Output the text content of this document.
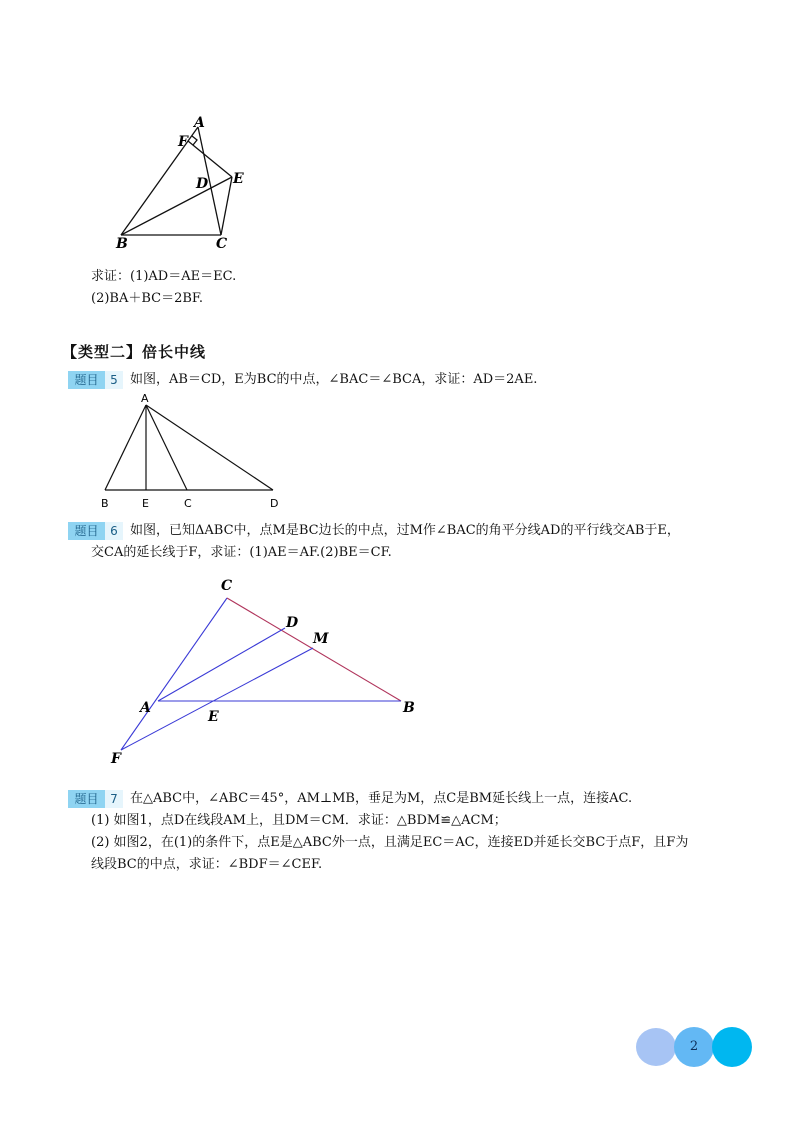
A
F
D E
B	C
求证：(1)AD＝AE＝EC.
(2)BA＋BC＝2BF.
【类型二】倍长中线
题目 5 如图，AB＝CD，E为BC的中点，∠BAC＝∠BCA，求证：AD＝2AE.
A
B	E	C	D
题目 6 如图，已知ΔABC中，点M是BC边长的中点，过M作∠BAC的角平分线AD的平行线交AB于E，
交CA的延长线于F，求证：(1)AE＝AF.(2)BE＝CF.
C
D
M
A
E
B
F
题目 7 在△ABC中，∠ABC＝45°，AM⊥MB，垂足为M，点C是BM延长线上一点，连接AC.
(1) 如图1，点D在线段AM上，且DM＝CM．求证：△BDM≌△ACM；
(2) 如图2，在(1)的条件下，点E是△ABC外一点，且满足EC＝AC，连接ED并延长交BC于点F，且F为
线段BC的中点，求证：∠BDF＝∠CEF.
2
